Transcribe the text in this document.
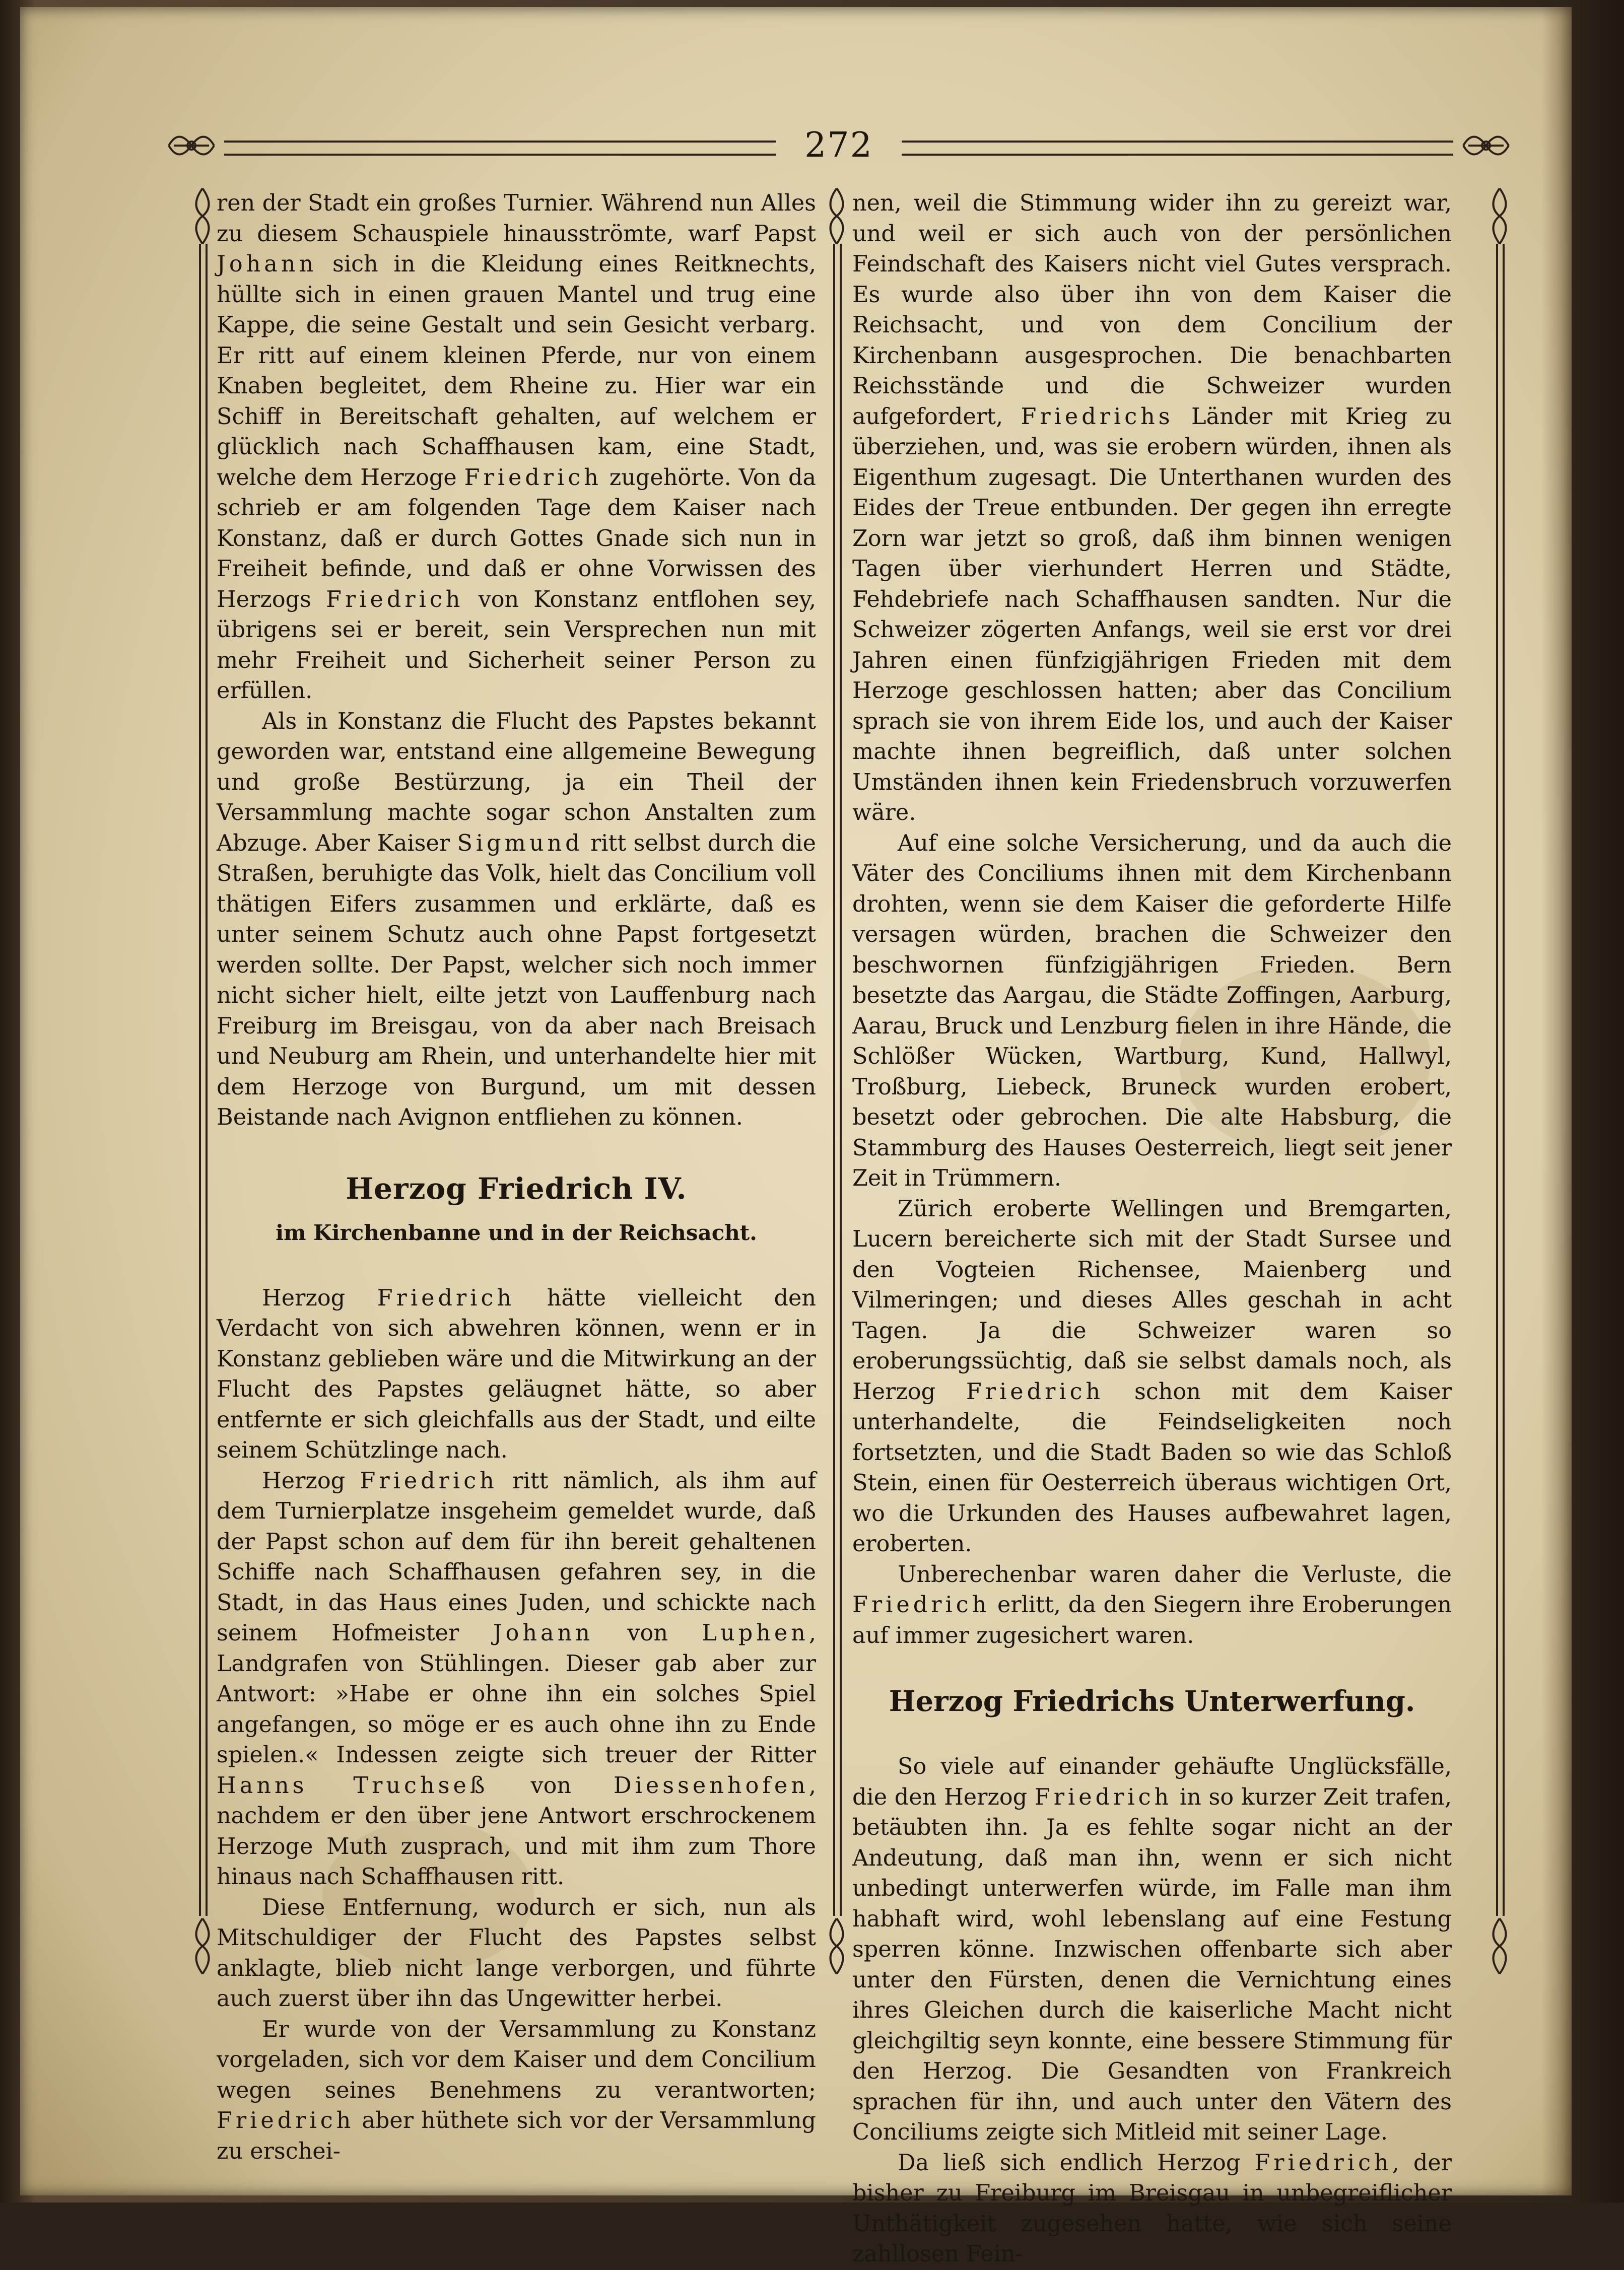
272

ren der Stadt ein großes Turnier. Während nun Alles zu diesem Schauspiele hinausströmte, warf Papst Johann sich in die Kleidung eines Reitknechts, hüllte sich in einen grauen Mantel und trug eine Kappe, die seine Gestalt und sein Gesicht verbarg. Er ritt auf einem kleinen Pferde, nur von einem Knaben begleitet, dem Rheine zu. Hier war ein Schiff in Bereitschaft gehalten, auf welchem er glücklich nach Schaffhausen kam, eine Stadt, welche dem Herzoge Friedrich zugehörte. Von da schrieb er am folgenden Tage dem Kaiser nach Konstanz, daß er durch Gottes Gnade sich nun in Freiheit befinde, und daß er ohne Vorwissen des Herzogs Friedrich von Konstanz entflohen sey, übrigens sei er bereit, sein Versprechen nun mit mehr Freiheit und Sicherheit seiner Person zu erfüllen.

Als in Konstanz die Flucht des Papstes bekannt geworden war, entstand eine allgemeine Bewegung und große Bestürzung, ja ein Theil der Versammlung machte sogar schon Anstalten zum Abzuge. Aber Kaiser Sigmund ritt selbst durch die Straßen, beruhigte das Volk, hielt das Concilium voll thätigen Eifers zusammen und erklärte, daß es unter seinem Schutz auch ohne Papst fortgesetzt werden sollte. Der Papst, welcher sich noch immer nicht sicher hielt, eilte jetzt von Lauffenburg nach Freiburg im Breisgau, von da aber nach Breisach und Neuburg am Rhein, und unterhandelte hier mit dem Herzoge von Burgund, um mit dessen Beistande nach Avignon entfliehen zu können.

Herzog Friedrich IV.

im Kirchenbanne und in der Reichsacht.

Herzog Friedrich hätte vielleicht den Verdacht von sich abwehren können, wenn er in Konstanz geblieben wäre und die Mitwirkung an der Flucht des Papstes geläugnet hätte, so aber entfernte er sich gleichfalls aus der Stadt, und eilte seinem Schützlinge nach.

Herzog Friedrich ritt nämlich, als ihm auf dem Turnierplatze insgeheim gemeldet wurde, daß der Papst schon auf dem für ihn bereit gehaltenen Schiffe nach Schaffhausen gefahren sey, in die Stadt, in das Haus eines Juden, und schickte nach seinem Hofmeister Johann von Luphen, Landgrafen von Stühlingen. Dieser gab aber zur Antwort: »Habe er ohne ihn ein solches Spiel angefangen, so möge er es auch ohne ihn zu Ende spielen.« Indessen zeigte sich treuer der Ritter Hanns Truchseß von Diessenhofen, nachdem er den über jene Antwort erschrockenem Herzoge Muth zusprach, und mit ihm zum Thore hinaus nach Schaffhausen ritt.

Diese Entfernung, wodurch er sich, nun als Mitschuldiger der Flucht des Papstes selbst anklagte, blieb nicht lange verborgen, und führte auch zuerst über ihn das Ungewitter herbei.

Er wurde von der Versammlung zu Konstanz vorgeladen, sich vor dem Kaiser und dem Concilium wegen seines Benehmens zu verantworten; Friedrich aber hüthete sich vor der Versammlung zu erschei-

nen, weil die Stimmung wider ihn zu gereizt war, und weil er sich auch von der persönlichen Feindschaft des Kaisers nicht viel Gutes versprach. Es wurde also über ihn von dem Kaiser die Reichsacht, und von dem Concilium der Kirchenbann ausgesprochen. Die benachbarten Reichsstände und die Schweizer wurden aufgefordert, Friedrichs Länder mit Krieg zu überziehen, und, was sie erobern würden, ihnen als Eigenthum zugesagt. Die Unterthanen wurden des Eides der Treue entbunden. Der gegen ihn erregte Zorn war jetzt so groß, daß ihm binnen wenigen Tagen über vierhundert Herren und Städte, Fehdebriefe nach Schaffhausen sandten. Nur die Schweizer zögerten Anfangs, weil sie erst vor drei Jahren einen fünfzigjährigen Frieden mit dem Herzoge geschlossen hatten; aber das Concilium sprach sie von ihrem Eide los, und auch der Kaiser machte ihnen begreiflich, daß unter solchen Umständen ihnen kein Friedensbruch vorzuwerfen wäre.

Auf eine solche Versicherung, und da auch die Väter des Conciliums ihnen mit dem Kirchenbann drohten, wenn sie dem Kaiser die geforderte Hilfe versagen würden, brachen die Schweizer den beschwornen fünfzigjährigen Frieden. Bern besetzte das Aargau, die Städte Zoffingen, Aarburg, Aarau, Bruck und Lenzburg fielen in ihre Hände, die Schlößer Wücken, Wartburg, Kund, Hallwyl, Troßburg, Liebeck, Bruneck wurden erobert, besetzt oder gebrochen. Die alte Habsburg, die Stammburg des Hauses Oesterreich, liegt seit jener Zeit in Trümmern.

Zürich eroberte Wellingen und Bremgarten, Lucern bereicherte sich mit der Stadt Sursee und den Vogteien Richensee, Maienberg und Vilmeringen; und dieses Alles geschah in acht Tagen. Ja die Schweizer waren so eroberungssüchtig, daß sie selbst damals noch, als Herzog Friedrich schon mit dem Kaiser unterhandelte, die Feindseligkeiten noch fortsetzten, und die Stadt Baden so wie das Schloß Stein, einen für Oesterreich überaus wichtigen Ort, wo die Urkunden des Hauses aufbewahret lagen, eroberten.

Unberechenbar waren daher die Verluste, die Friedrich erlitt, da den Siegern ihre Eroberungen auf immer zugesichert waren.

Herzog Friedrichs Unterwerfung.

So viele auf einander gehäufte Unglücksfälle, die den Herzog Friedrich in so kurzer Zeit trafen, betäubten ihn. Ja es fehlte sogar nicht an der Andeutung, daß man ihn, wenn er sich nicht unbedingt unterwerfen würde, im Falle man ihm habhaft wird, wohl lebenslang auf eine Festung sperren könne. Inzwischen offenbarte sich aber unter den Fürsten, denen die Vernichtung eines ihres Gleichen durch die kaiserliche Macht nicht gleichgiltig seyn konnte, eine bessere Stimmung für den Herzog. Die Gesandten von Frankreich sprachen für ihn, und auch unter den Vätern des Conciliums zeigte sich Mitleid mit seiner Lage.

Da ließ sich endlich Herzog Friedrich, der bisher zu Freiburg im Breisgau in unbegreiflicher Unthätigkeit zugesehen hatte, wie sich seine zahllosen Fein-
